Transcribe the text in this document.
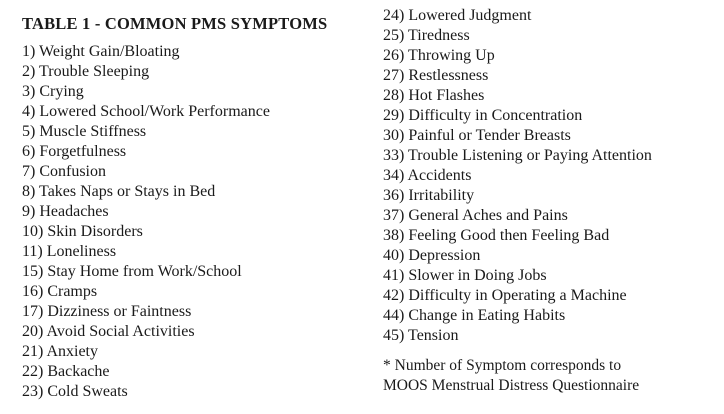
TABLE 1 - COMMON PMS SYMPTOMS
1) Weight Gain/Bloating
2) Trouble Sleeping
3) Crying
4) Lowered School/Work Performance
5) Muscle Stiffness
6) Forgetfulness
7) Confusion
8) Takes Naps or Stays in Bed
9) Headaches
10) Skin Disorders
11) Loneliness
15) Stay Home from Work/School
16) Cramps
17) Dizziness or Faintness
20) Avoid Social Activities
21) Anxiety
22) Backache
23) Cold Sweats
24) Lowered Judgment
25) Tiredness
26) Throwing Up
27) Restlessness
28) Hot Flashes
29) Difficulty in Concentration
30) Painful or Tender Breasts
33) Trouble Listening or Paying Attention
34) Accidents
36) Irritability
37) General Aches and Pains
38) Feeling Good then Feeling Bad
40) Depression
41) Slower in Doing Jobs
42) Difficulty in Operating a Machine
44) Change in Eating Habits
45) Tension
* Number of Symptom corresponds to
MOOS Menstrual Distress Questionnaire
